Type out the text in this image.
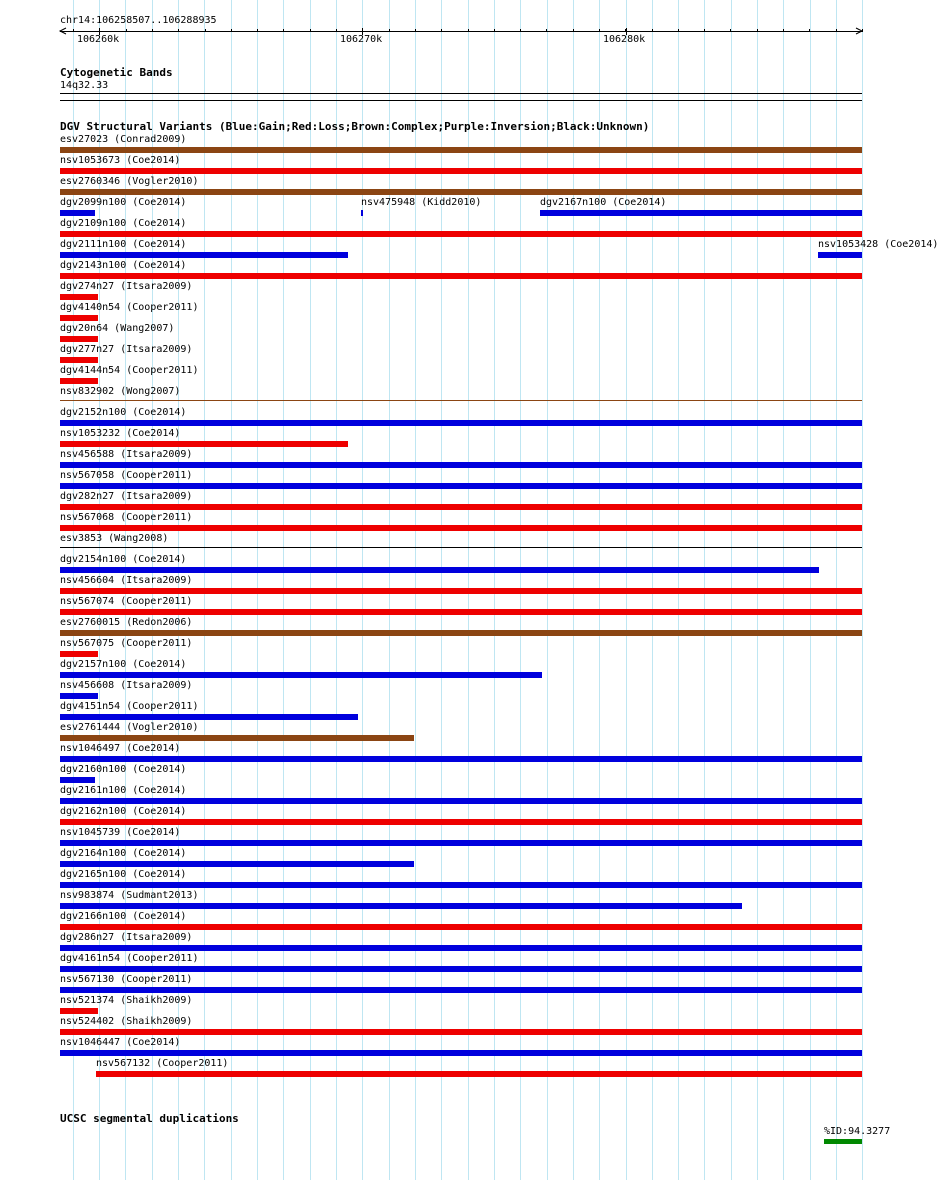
chr14:106258507..106288935
106260k	106270k	106280k
Cytogenetic Bands
14q32.33
DGV Structural Variants (Blue:Gain;Red:Loss;Brown:Complex;Purple:Inversion;Black:Unknown)
esv27023 (Conrad2009)
nsv1053673 (Coe2014)
esv2760346 (Vogler2010)
dgv2099n100 (Coe2014)	nsv475948 (Kidd2010)	dgv2167n100 (Coe2014)
dgv2109n100 (Coe2014)
dgv2111n100 (Coe2014)	nsv1053428 (Coe2014)
dgv2143n100 (Coe2014)
dgv274n27 (Itsara2009)
dgv4140n54 (Cooper2011)
dgv20n64 (Wang2007)
dgv277n27 (Itsara2009)
dgv4144n54 (Cooper2011)
nsv832902 (Wong2007)
dgv2152n100 (Coe2014)
nsv1053232 (Coe2014)
nsv456588 (Itsara2009)
nsv567058 (Cooper2011)
dgv282n27 (Itsara2009)
nsv567068 (Cooper2011)
esv3853 (Wang2008)
dgv2154n100 (Coe2014)
nsv456604 (Itsara2009)
nsv567074 (Cooper2011)
esv2760015 (Redon2006)
nsv567075 (Cooper2011)
dgv2157n100 (Coe2014)
nsv456608 (Itsara2009)
dgv4151n54 (Cooper2011)
esv2761444 (Vogler2010)
nsv1046497 (Coe2014)
dgv2160n100 (Coe2014)
dgv2161n100 (Coe2014)
dgv2162n100 (Coe2014)
nsv1045739 (Coe2014)
dgv2164n100 (Coe2014)
dgv2165n100 (Coe2014)
nsv983874 (Sudmant2013)
dgv2166n100 (Coe2014)
dgv286n27 (Itsara2009)
dgv4161n54 (Cooper2011)
nsv567130 (Cooper2011)
nsv521374 (Shaikh2009)
nsv524402 (Shaikh2009)
nsv1046447 (Coe2014)
nsv567132 (Cooper2011)
UCSC segmental duplications
%ID:94.3277
